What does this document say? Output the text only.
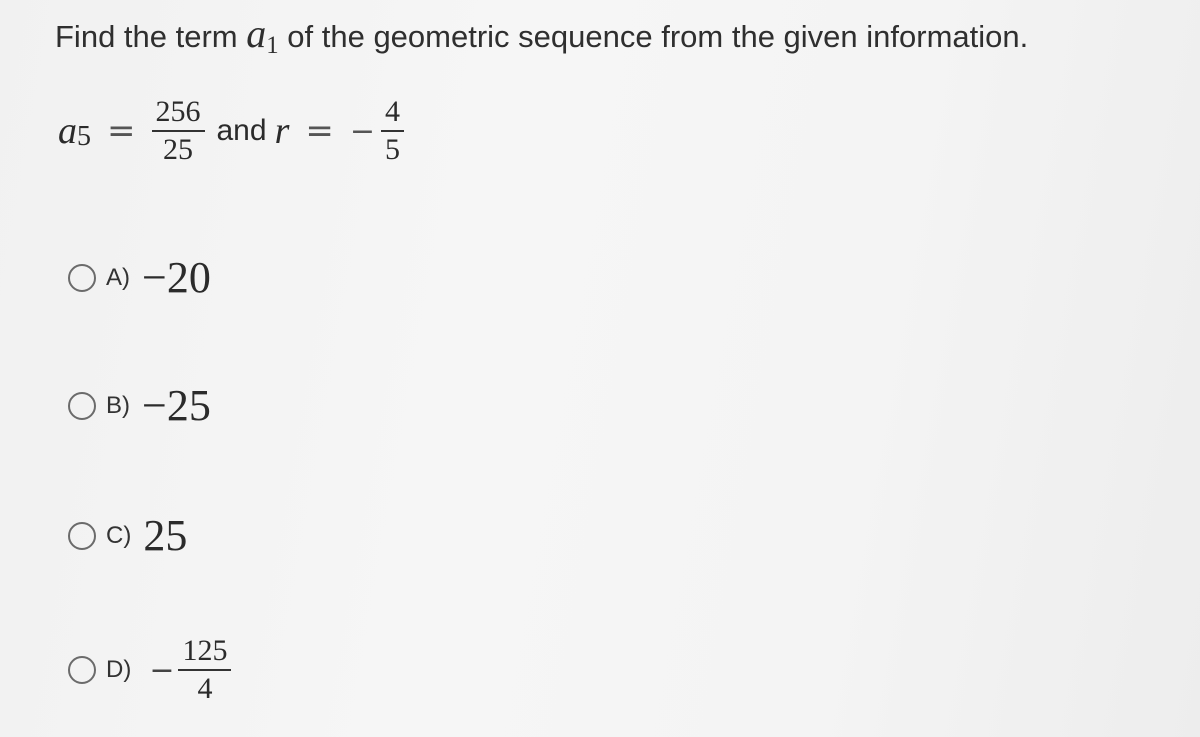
Find the term $a_1$ of the geometric sequence from the given information.
a $5 = \frac{256}{25}$ and r = − $\frac{4}{5}$
A) −20
B) −25
C) 25
$D) - \frac{125}{4}$
